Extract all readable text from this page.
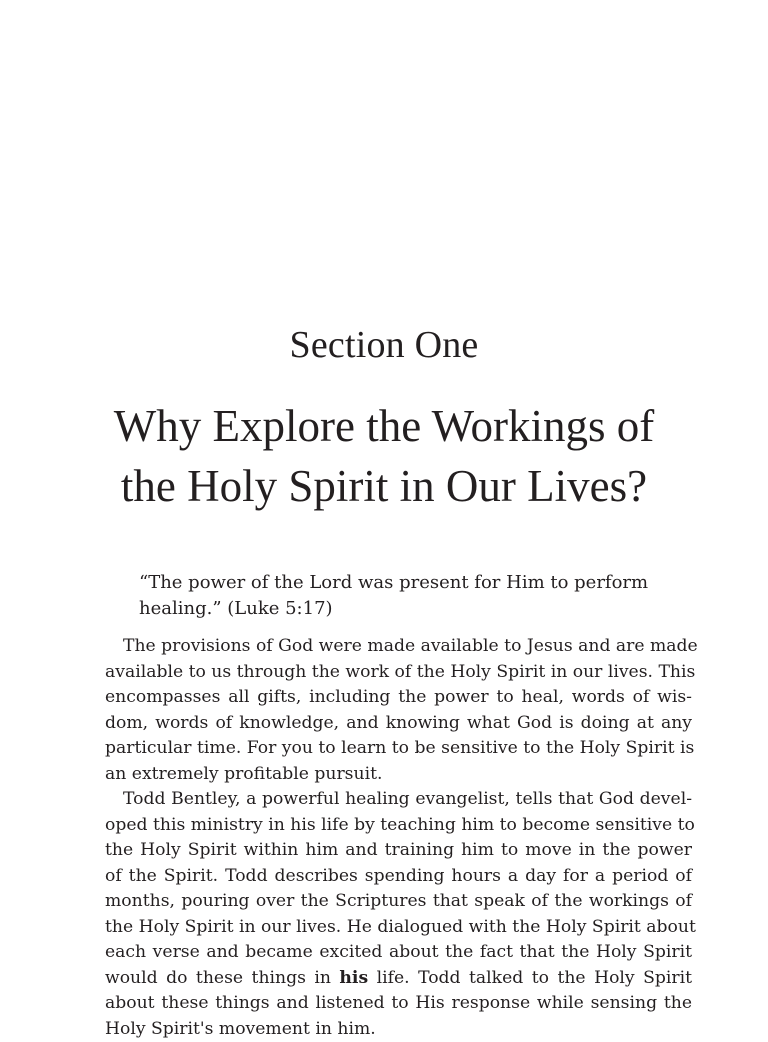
Section One
Why Explore the Workings of
the Holy Spirit in Our Lives?
“The power of the Lord was present for Him to perform
healing.” (Luke 5:17)

The provisions of God were made available to Jesus and are made
available to us through the work of the Holy Spirit in our lives. This
encompasses all gifts, including the power to heal, words of wis-
dom, words of knowledge, and knowing what God is doing at any
particular time. For you to learn to be sensitive to the Holy Spirit is
an extremely profitable pursuit.

Todd Bentley, a powerful healing evangelist, tells that God devel-
oped this ministry in his life by teaching him to become sensitive to
the Holy Spirit within him and training him to move in the power
of the Spirit. Todd describes spending hours a day for a period of
months, pouring over the Scriptures that speak of the workings of
the Holy Spirit in our lives. He dialogued with the Holy Spirit about
each verse and became excited about the fact that the Holy Spirit
would do these things in his life. Todd talked to the Holy Spirit
about these things and listened to His response while sensing the
Holy Spirit's movement in him.
